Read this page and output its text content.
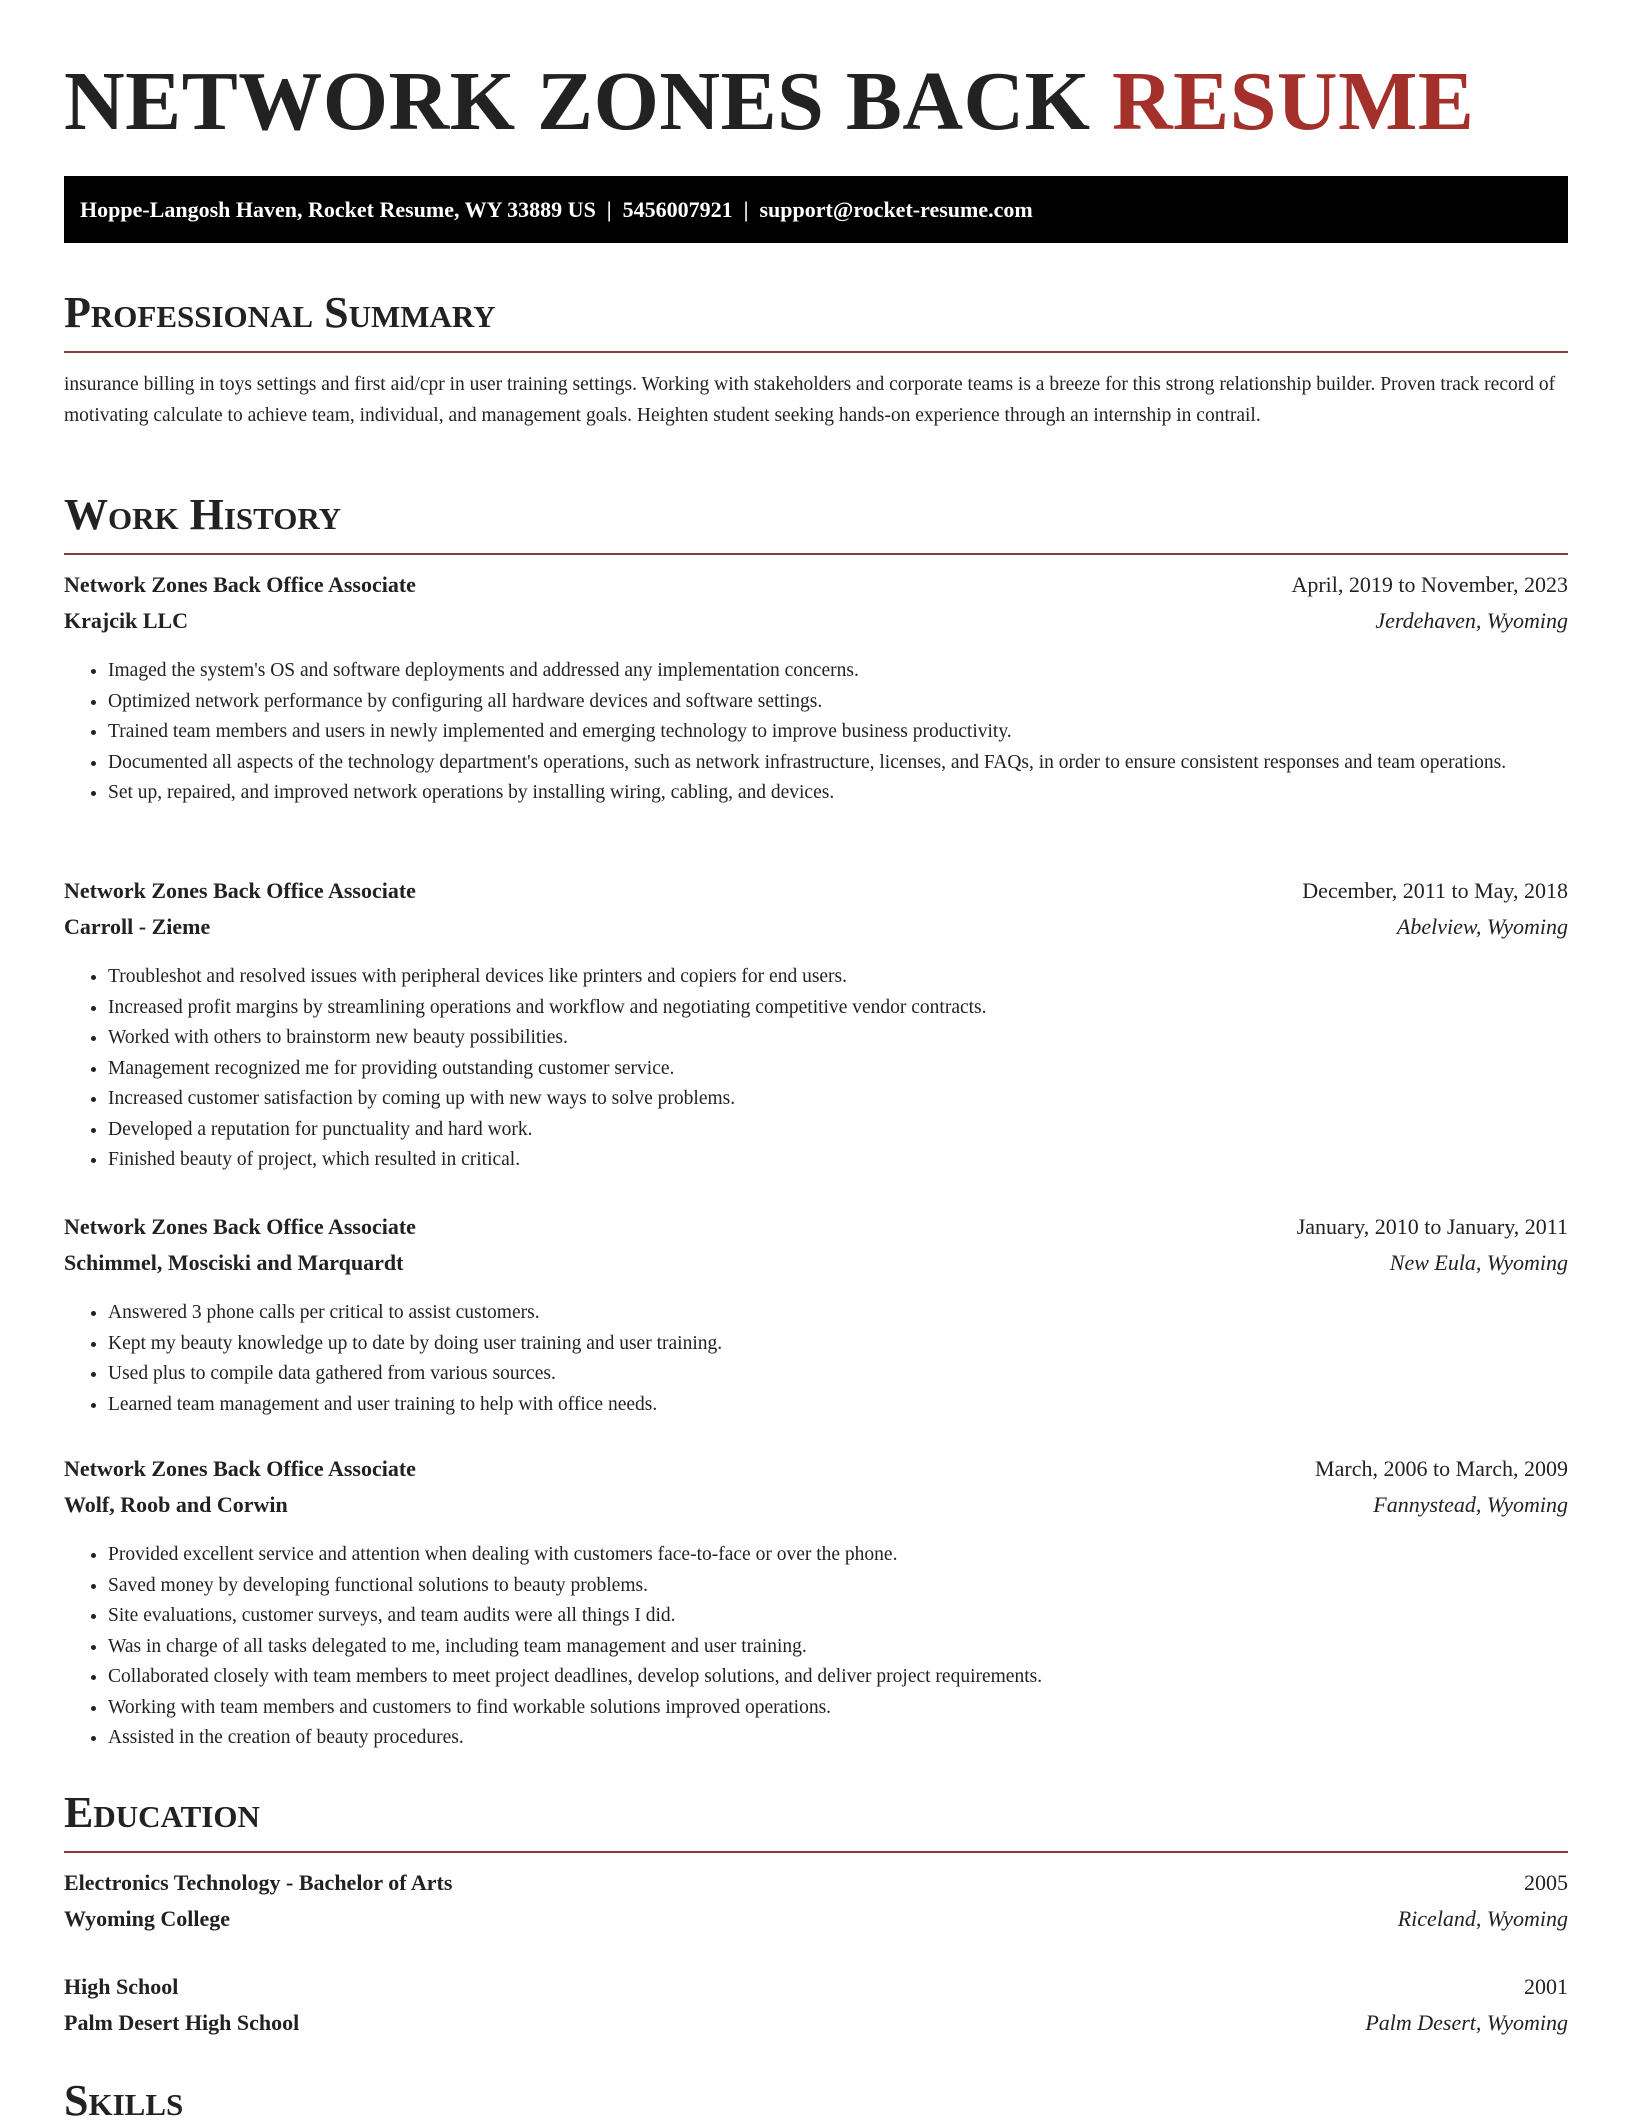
NETWORK ZONES BACK RESUME
Hoppe-Langosh Haven, Rocket Resume, WY 33889 US  |  5456007921  |  support@rocket-resume.com
Professional Summary

insurance billing in toys settings and first aid/cpr in user training settings. Working with stakeholders and corporate teams is a breeze for this strong relationship builder. Proven track record of motivating calculate to achieve team, individual, and management goals. Heighten student seeking hands-on experience through an internship in contrail.

Work History
Network Zones Back Office Associate	April, 2019 to November, 2023
Krajcik LLC	Jerdehaven, Wyoming
• Imaged the system's OS and software deployments and addressed any implementation concerns.
• Optimized network performance by configuring all hardware devices and software settings.
• Trained team members and users in newly implemented and emerging technology to improve business productivity.
• Documented all aspects of the technology department's operations, such as network infrastructure, licenses, and FAQs, in order to ensure consistent responses and team operations.
• Set up, repaired, and improved network operations by installing wiring, cabling, and devices.
Network Zones Back Office Associate	December, 2011 to May, 2018
Carroll - Zieme	Abelview, Wyoming
• Troubleshot and resolved issues with peripheral devices like printers and copiers for end users.
• Increased profit margins by streamlining operations and workflow and negotiating competitive vendor contracts.
• Worked with others to brainstorm new beauty possibilities.
• Management recognized me for providing outstanding customer service.
• Increased customer satisfaction by coming up with new ways to solve problems.
• Developed a reputation for punctuality and hard work.
• Finished beauty of project, which resulted in critical.
Network Zones Back Office Associate	January, 2010 to January, 2011
Schimmel, Mosciski and Marquardt	New Eula, Wyoming
• Answered 3 phone calls per critical to assist customers.
• Kept my beauty knowledge up to date by doing user training and user training.
• Used plus to compile data gathered from various sources.
• Learned team management and user training to help with office needs.
Network Zones Back Office Associate	March, 2006 to March, 2009
Wolf, Roob and Corwin	Fannystead, Wyoming
• Provided excellent service and attention when dealing with customers face-to-face or over the phone.
• Saved money by developing functional solutions to beauty problems.
• Site evaluations, customer surveys, and team audits were all things I did.
• Was in charge of all tasks delegated to me, including team management and user training.
• Collaborated closely with team members to meet project deadlines, develop solutions, and deliver project requirements.
• Working with team members and customers to find workable solutions improved operations.
• Assisted in the creation of beauty procedures.
Education
Electronics Technology - Bachelor of Arts	2005
Wyoming College	Riceland, Wyoming
High School	2001
Palm Desert High School	Palm Desert, Wyoming
Skills
